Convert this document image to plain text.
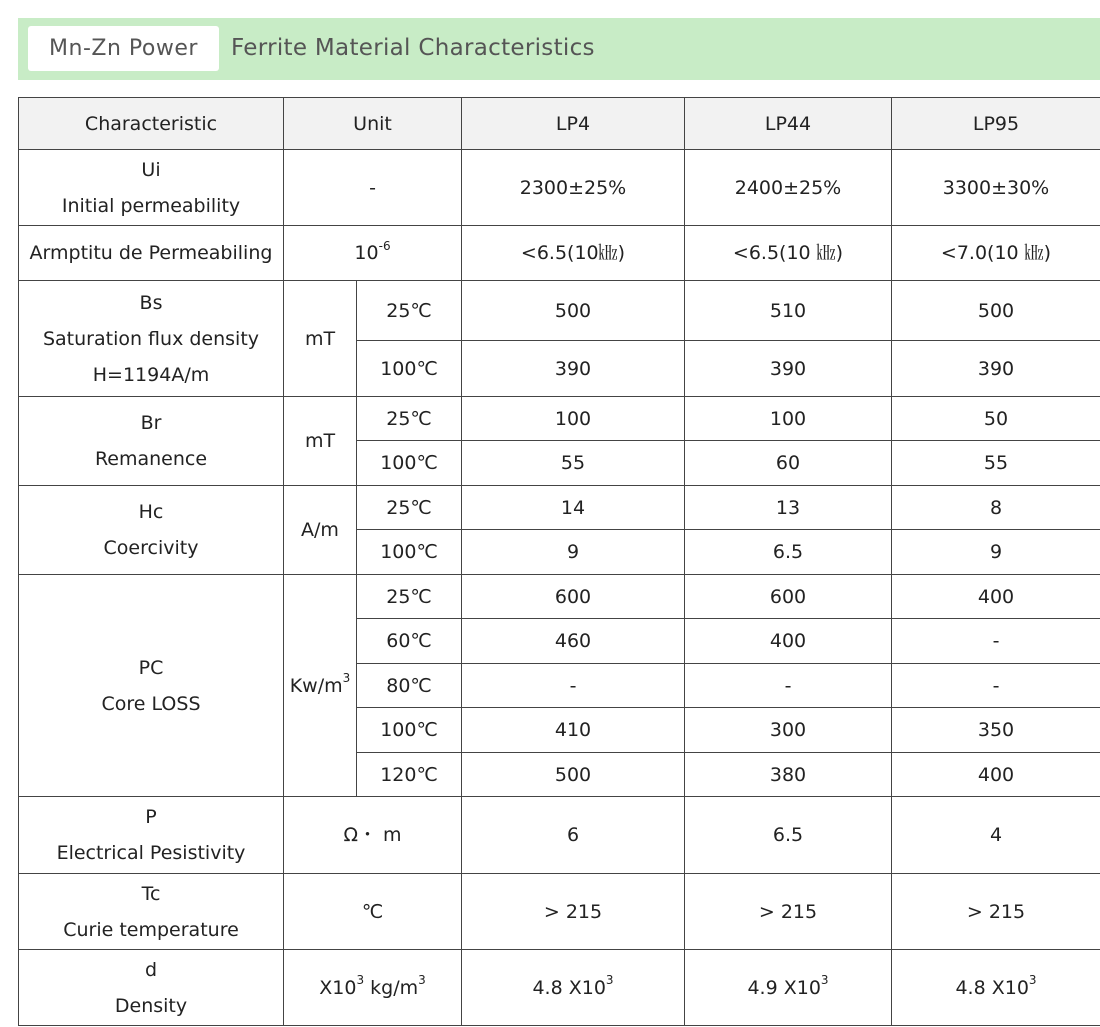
Mn-Zn Power	Ferrite Material Characteristics
Characteristic	Unit		LP4	LP44	LP95

Ui
Initial permeability	-		2300±25%	2400±25%	3300±30%
Armptitu de Permeabiling	$10^{-6}$		<6.5(10㎑)	<6.5(10 ㎑)	<7.0(10 ㎑)

Bs
Saturation flux density
H=1194A/m	mT	25℃	500	510	500
		100℃	390	390	390

Br
Remanence	mT	25℃	100	100	50
		100℃	55	60	55

Hc
Coercivity	A/m	25℃	14	13	8
		100℃	9	6.5	9

PC
Core LOSS	$Kw/m^3$	25℃	600	600	400
		60℃	460	400	-
		80℃	-	-	-
		100℃	410	300	350
		120℃	500	380	400

P
Electrical Pesistivity	Ω・ m		6	6.5	4

Tc
Curie temperature	℃		> 215	> 215	> 215

d
Density	$X10^3$ $kg/m^3$		4.8 $X10^3$	4.9 $X10^3$	4.8 $X10^3$
